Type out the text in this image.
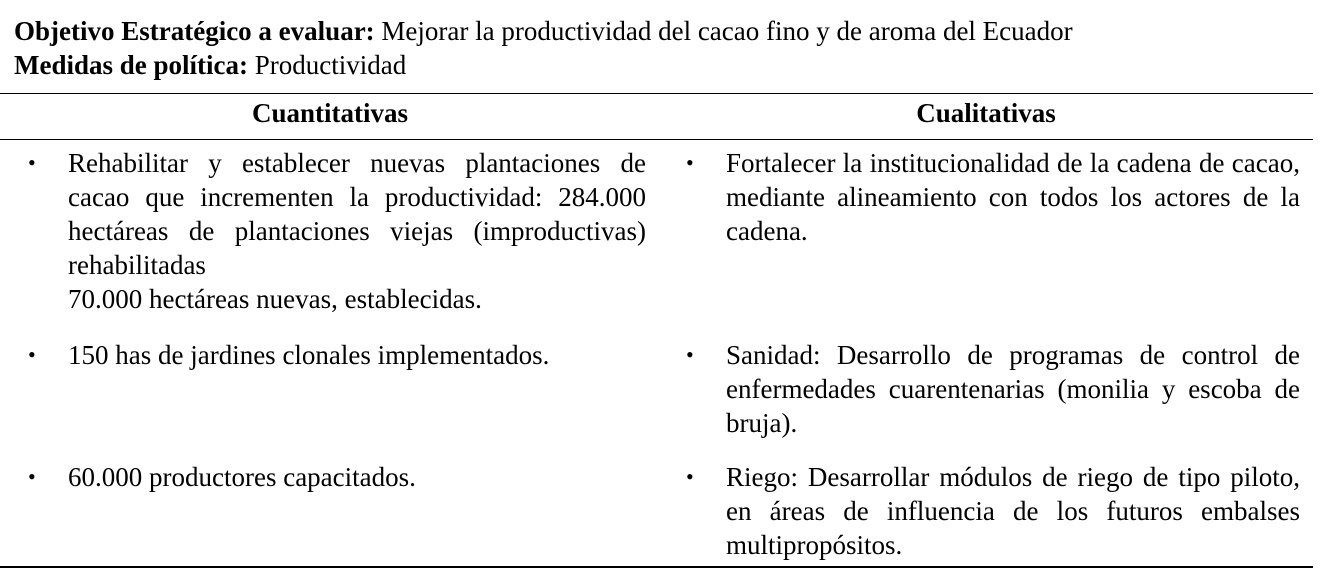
Objetivo Estratégico a evaluar: Mejorar la productividad del cacao fino y de aroma del Ecuador
Medidas de política: Productividad
Cuantitativas	Cualitativas
• Rehabilitar y establecer nuevas plantaciones de cacao que incrementen la productividad: 284.000 hectáreas de plantaciones viejas (improductivas) rehabilitadas
70.000 hectáreas nuevas, establecidas.
• 150 has de jardines clonales implementados.
• 60.000 productores capacitados.
• Fortalecer la institucionalidad de la cadena de cacao, mediante alineamiento con todos los actores de la cadena.
• Sanidad: Desarrollo de programas de control de enfermedades cuarentenarias (monilia y escoba de bruja).
• Riego: Desarrollar módulos de riego de tipo piloto, en áreas de influencia de los futuros embalses multipropósitos.
